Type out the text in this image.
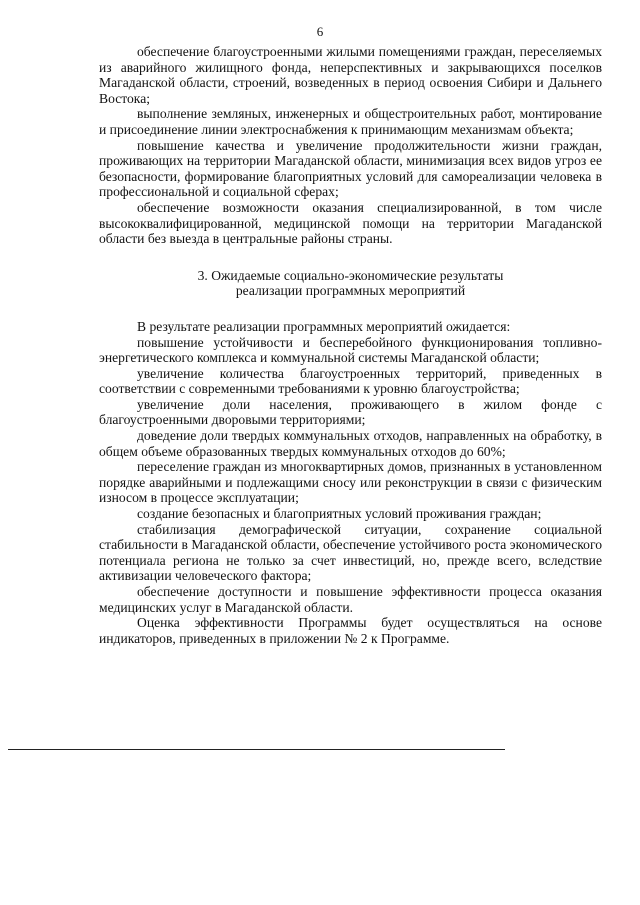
6

обеспечение благоустроенными жилыми помещениями граждан, переселяемых из аварийного жилищного фонда, неперспективных и закрывающихся поселков Магаданской области, строений, возведенных в период освоения Сибири и Дальнего Востока;

выполнение земляных, инженерных и общестроительных работ, монтирование и присоединение линии электроснабжения к принимающим механизмам объекта;

повышение качества и увеличение продолжительности жизни граждан, проживающих на территории Магаданской области, минимизация всех видов угроз ее безопасности, формирование благоприятных условий для самореализации человека в профессиональной и социальной сферах;

обеспечение возможности оказания специализированной, в том числе высококвалифицированной, медицинской помощи на территории Магаданской области без выезда в центральные районы страны.

3. Ожидаемые социально-экономические результаты
реализации программных мероприятий

В результате реализации программных мероприятий ожидается:

повышение устойчивости и бесперебойного функционирования топливно-энергетического комплекса и коммунальной системы Магаданской области;

увеличение количества благоустроенных территорий, приведенных в соответствии с современными требованиями к уровню благоустройства;

увеличение доли населения, проживающего в жилом фонде с благоустроенными дворовыми территориями;

доведение доли твердых коммунальных отходов, направленных на обработку, в общем объеме образованных твердых коммунальных отходов до 60%;

переселение граждан из многоквартирных домов, признанных в установленном порядке аварийными и подлежащими сносу или реконструкции в связи с физическим износом в процессе эксплуатации;

создание безопасных и благоприятных условий проживания граждан;

стабилизация демографической ситуации, сохранение социальной стабильности в Магаданской области, обеспечение устойчивого роста экономического потенциала региона не только за счет инвестиций, но, прежде всего, вследствие активизации человеческого фактора;

обеспечение доступности и повышение эффективности процесса оказания медицинских услуг в Магаданской области.

Оценка эффективности Программы будет осуществляться на основе индикаторов, приведенных в приложении № 2 к Программе.
